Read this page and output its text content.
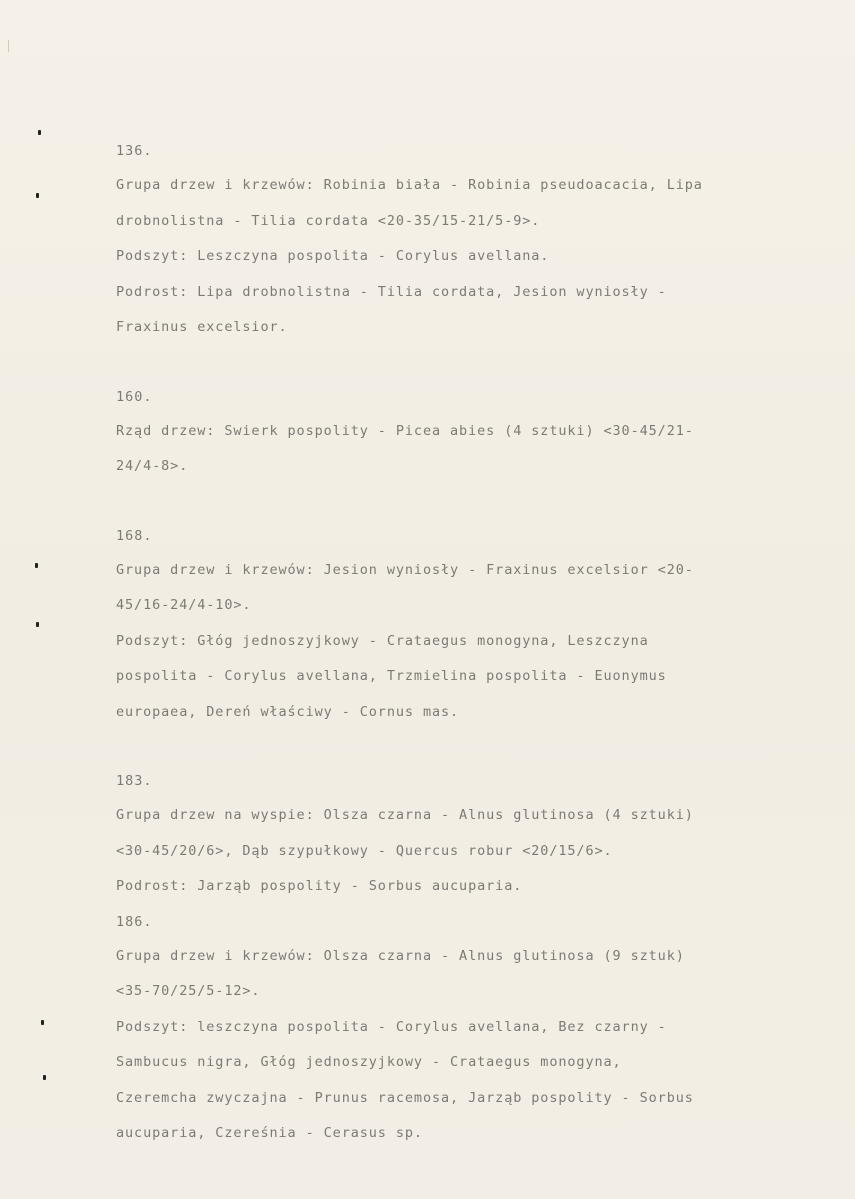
136.
Grupa drzew i krzewów: Robinia biała - Robinia pseudoacacia, Lipa
drobnolistna - Tilia cordata <20-35/15-21/5-9>.
Podszyt: Leszczyna pospolita - Corylus avellana.
Podrost: Lipa drobnolistna - Tilia cordata, Jesion wyniosły -
Fraxinus excelsior.
160.
Rząd drzew: Swierk pospolity - Picea abies (4 sztuki) <30-45/21-
24/4-8>.
168.
Grupa drzew i krzewów: Jesion wyniosły - Fraxinus excelsior <20-
45/16-24/4-10>.
Podszyt: Głóg jednoszyjkowy - Crataegus monogyna, Leszczyna
pospolita - Corylus avellana, Trzmielina pospolita - Euonymus
europaea, Dereń właściwy - Cornus mas.
183.
Grupa drzew na wyspie: Olsza czarna - Alnus glutinosa (4 sztuki)
<30-45/20/6>, Dąb szypułkowy - Quercus robur <20/15/6>.
Podrost: Jarząb pospolity - Sorbus aucuparia.
186.
Grupa drzew i krzewów: Olsza czarna - Alnus glutinosa (9 sztuk)
<35-70/25/5-12>.
Podszyt: leszczyna pospolita - Corylus avellana, Bez czarny -
Sambucus nigra, Głóg jednoszyjkowy - Crataegus monogyna,
Czeremcha zwyczajna - Prunus racemosa, Jarząb pospolity - Sorbus
aucuparia, Czereśnia - Cerasus sp.
